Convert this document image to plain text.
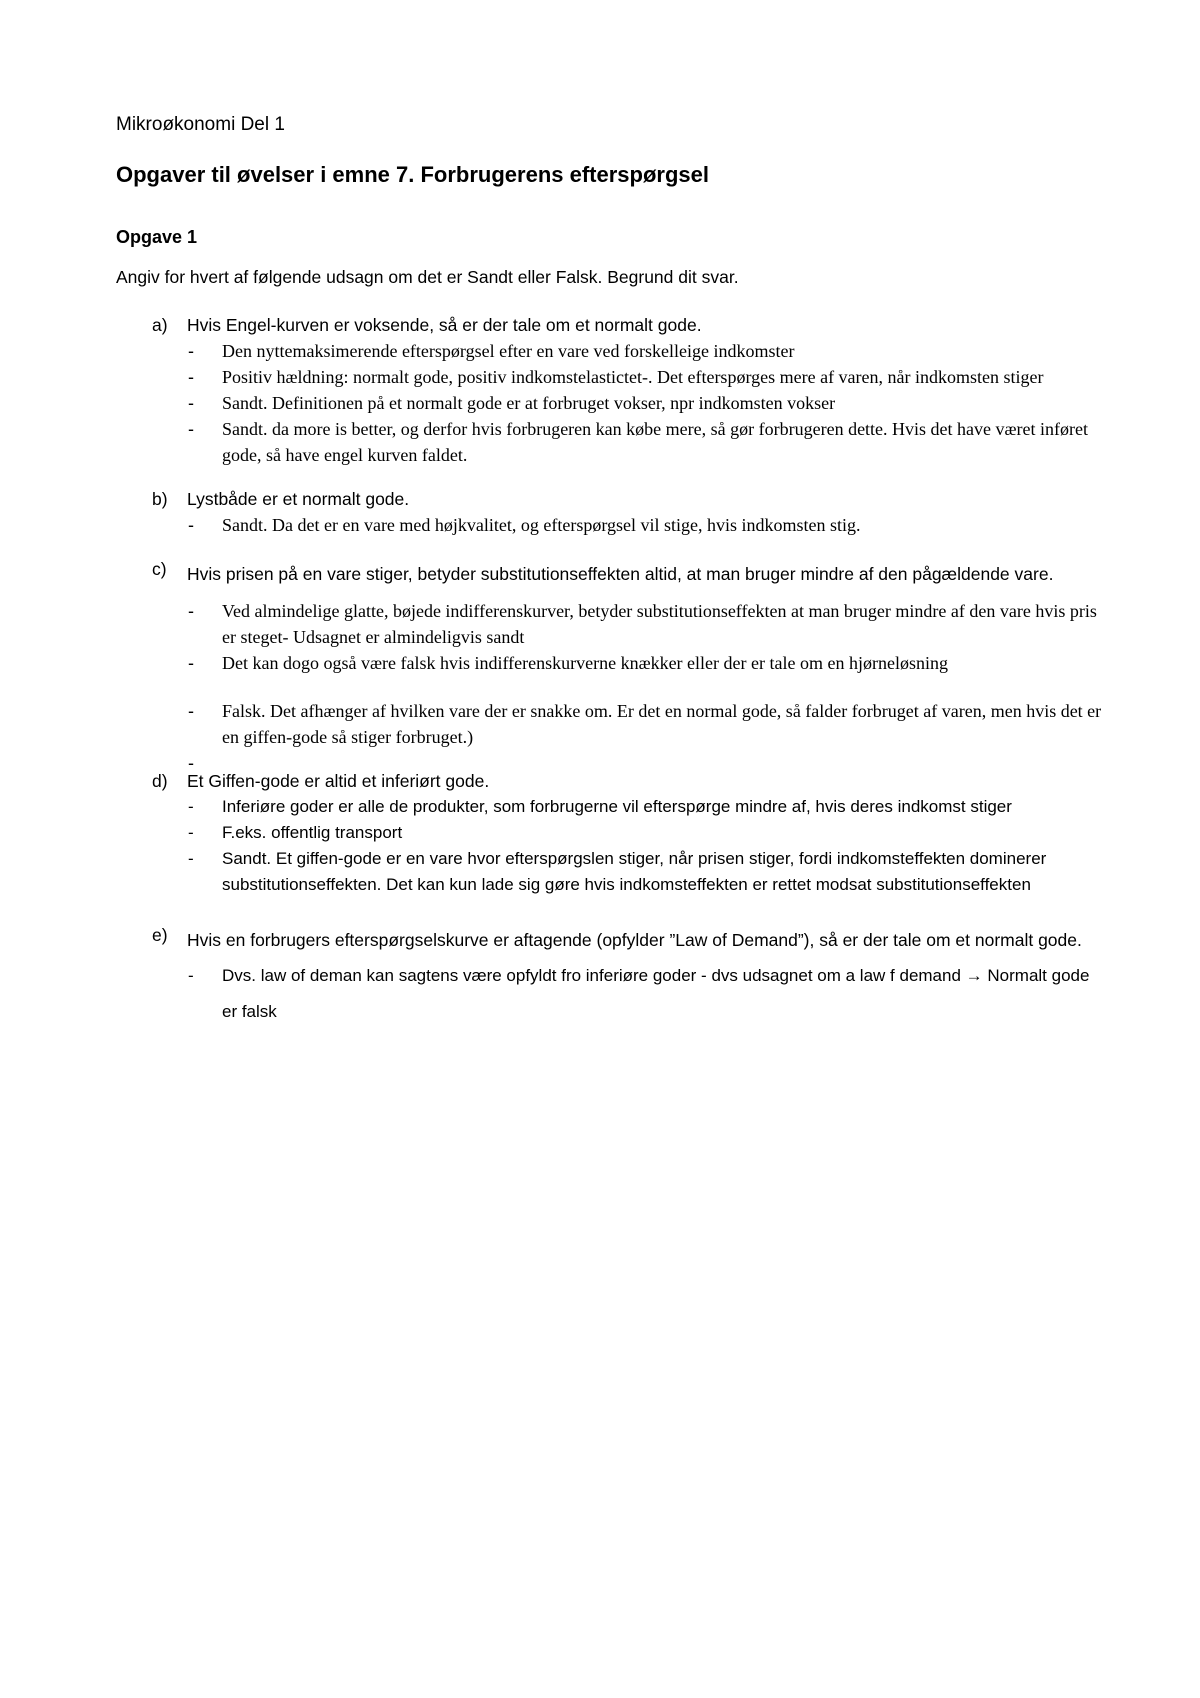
Mikroøkonomi Del 1
Opgaver til øvelser i emne 7. Forbrugerens efterspørgsel
Opgave 1
Angiv for hvert af følgende udsagn om det er Sandt eller Falsk. Begrund dit svar.
a) Hvis Engel-kurven er voksende, så er der tale om et normalt gode.
- Den nyttemaksimerende efterspørgsel efter en vare ved forskelleige indkomster
- Positiv hældning: normalt gode, positiv indkomstelastictet-. Det efterspørges mere af varen, når indkomsten stiger
- Sandt. Definitionen på et normalt gode er at forbruget vokser, npr indkomsten vokser
- Sandt. da more is better, og derfor hvis forbrugeren kan købe mere, så gør forbrugeren dette. Hvis det have været inføret gode, så have engel kurven faldet.
b) Lystbåde er et normalt gode.
- Sandt. Da det er en vare med højkvalitet, og efterspørgsel vil stige, hvis indkomsten stig.
c) Hvis prisen på en vare stiger, betyder substitutionseffekten altid, at man bruger mindre af den pågældende vare.
- Ved almindelige glatte, bøjede indifferenskurver, betyder substitutionseffekten at man bruger mindre af den vare hvis pris er steget- Udsagnet er almindeligvis sandt
- Det kan dogo også være falsk hvis indifferenskurverne knækker eller der er tale om en hjørneløsning
- Falsk. Det afhænger af hvilken vare der er snakke om. Er det en normal gode, så falder forbruget af varen, men hvis det er en giffen-gode så stiger forbruget.)
-
d) Et Giffen-gode er altid et inferiørt gode.
- Inferiøre goder er alle de produkter, som forbrugerne vil efterspørge mindre af, hvis deres indkomst stiger
- F.eks. offentlig transport
- Sandt. Et giffen-gode er en vare hvor efterspørgslen stiger, når prisen stiger, fordi indkomsteffekten dominerer substitutionseffekten. Det kan kun lade sig gøre hvis indkomsteffekten er rettet modsat substitutionseffekten
e) Hvis en forbrugers efterspørgselskurve er aftagende (opfylder ”Law of Demand”), så er der tale om et normalt gode.
- Dvs. law of deman kan sagtens være opfyldt fro inferiøre goder - dvs udsagnet om a law f demand → Normalt gode er falsk
